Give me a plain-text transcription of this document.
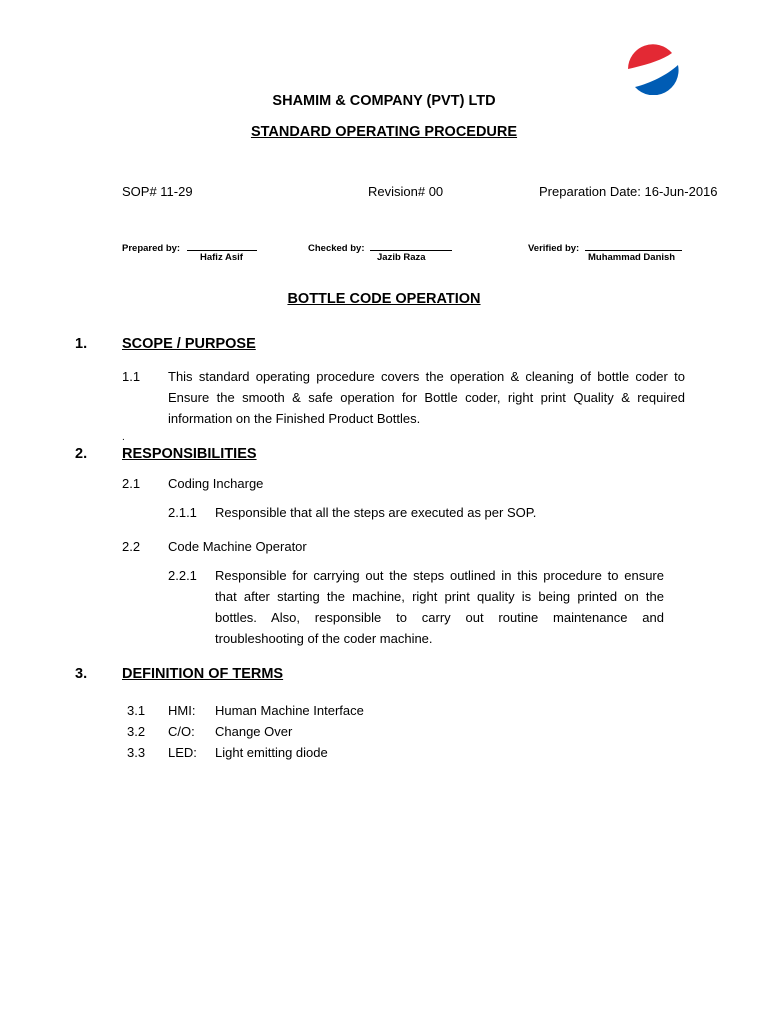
SHAMIM & COMPANY (PVT) LTD
STANDARD OPERATING PROCEDURE
SOP# 11-29	Revision# 00	Preparation Date: 16-Jun-2016
Prepared by:
Hafiz Asif
Checked by:
Jazib Raza
Verified by:
Muhammad Danish
BOTTLE CODE OPERATION
1. SCOPE / PURPOSE
1.1 This standard operating procedure covers the operation & cleaning of bottle coder to Ensure the smooth & safe operation for Bottle coder, right print Quality & required information on the Finished Product Bottles.
.
2. RESPONSIBILITIES
2.1 Coding Incharge
2.1.1 Responsible that all the steps are executed as per SOP.
2.2 Code Machine Operator
2.2.1 Responsible for carrying out the steps outlined in this procedure to ensure that after starting the machine, right print quality is being printed on the bottles. Also, responsible to carry out routine maintenance and troubleshooting of the coder machine.
3. DEFINITION OF TERMS
3.1 HMI: Human Machine Interface
3.2 C/O: Change Over
3.3 LED: Light emitting diode
